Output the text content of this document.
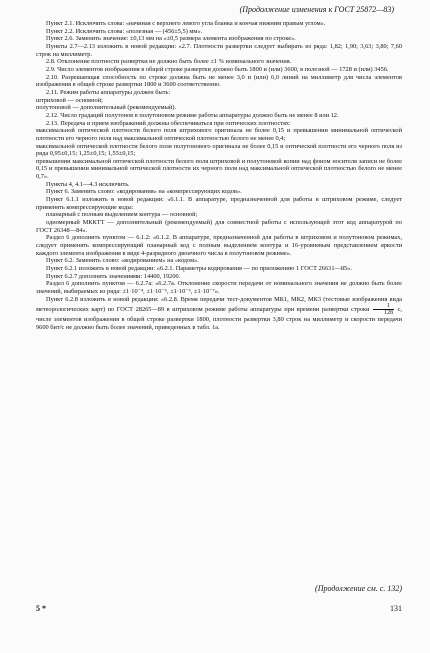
(Продолжение изменения к ГОСТ 25872—83)

Пункт 2.1. Исключить слова: «начиная с верхнего левого угла бланка и кончая нижним правым углом».

Пункт 2.2. Исключить слова: «полезная — (456±5,5) мм».

Пункт 2.6. Заменить значение: ±0,13 мм на «±0,5 размера элемента изображения по строке».

Пункты 2.7—2.13 изложить в новой редакции: «2.7. Плотности развертки следует выбирать из ряда: 1,82; 1,90; 3,63; 3,80; 7,60 строк на миллиметр.

2.8. Отклонение плотности развертки не должно быть более ±1 % номинального значения.

2.9. Число элементов изображения в общей строке развертки должно быть 1800 и (или) 3600, в полезной — 1728 и (или) 3456.

2.10. Разрешающая способность по строке должна быть не менее 3,0 и (или) 6,0 линий на миллиметр для числа элементов изображения в общей строке развертки 1800 и 3600 соответственно.

2.11. Режим работы аппаратуры должен быть:

штриховой — основной;

полутоновой — дополнительный (рекомендуемый).

2.12. Число градаций полутонов в полутоновом режиме работы аппаратуры должно быть не менее 8 или 12.

2.13. Передача и прием изображений должны обеспечиваться при оптических плотностях:

максимальной оптической плотности белого поля штрихового оригинала не более 0,15 и превышении минимальной оптической плотности его черного поля над максимальной оптической плотностью белого не менее 0,4;

максимальной оптической плотности белого поля полутонового оригинала не более 0,15 и оптической плотности его черного поля из ряда 0,95±0,15; 1,25±0,15; 1,55±0,15;

превышении максимальной оптической плотности белого поля штриховой и полутоновой копии над фоном носителя записи не более 0,15 и превышении минимальной оптической плотности их черного поля над максимальной оптической плотностью белого не менее 0,7».

Пункты 4, 4.1—4.3 исключить.

Пункт 6. Заменить слово: «кодирования» на «компрессирующих кодов».

Пункт 6.1.1 изложить в новой редакции: «6.1.1. В аппаратуре, предназначенной для работы в штриховом режиме, следует применять компрессирующие коды:

планарный с полным выделением контура — основной;

одномерный МККТТ — дополнительный (рекомендуемый) для совместной работы с использующей этот код аппаратурой по ГОСТ 26348—84».

Раздел 6 дополнить пунктом — 6.1.2: «6.1.2. В аппаратуре, предназначенной для работы в штриховом и полутоновом режимах, следует применять компрессирующий планарный код с полным выделением контура и 16-уровневым представлением яркости каждого элемента изображения в виде 4-разрядного двоичного числа в полутоновом режиме».

Пункт 6.2. Заменить слово: «кодированием» на «кодом».

Пункт 6.2.1 изложить в новой редакции: «6.2.1. Параметры кодирования — по приложению 1 ГОСТ 26631—85».

Пункт 6.2.7 дополнить значениями: 14400, 19200.

Раздел 6 дополнить пунктом — 6.2.7а: «6.2.7а. Отклонение скорости передачи от номинального значения не должно быть более значений, выбираемых из ряда: ±1·10⁻⁴, ±1·10⁻⁵, ±1·10⁻⁶, ±1·10⁻⁷».

Пункт 6.2.8 изложить в новой редакции: «6.2.8. Время передачи тест-документов МК1, МК2, МК3 (тестовые изображения вида метеорологических карт) по ГОСТ 28265—89 в штриховом режиме работы аппаратуры при времени развертки строки $\frac{1}{128} с$, числе элементов изображения в общей строке развертки 1800, плотности развертки 3,80 строк на миллиметр и скорости передачи 9600 бит/с не должно быть более значений, приведенных в табл. 1а.

(Продолжение см. с. 132)
5 *	131
